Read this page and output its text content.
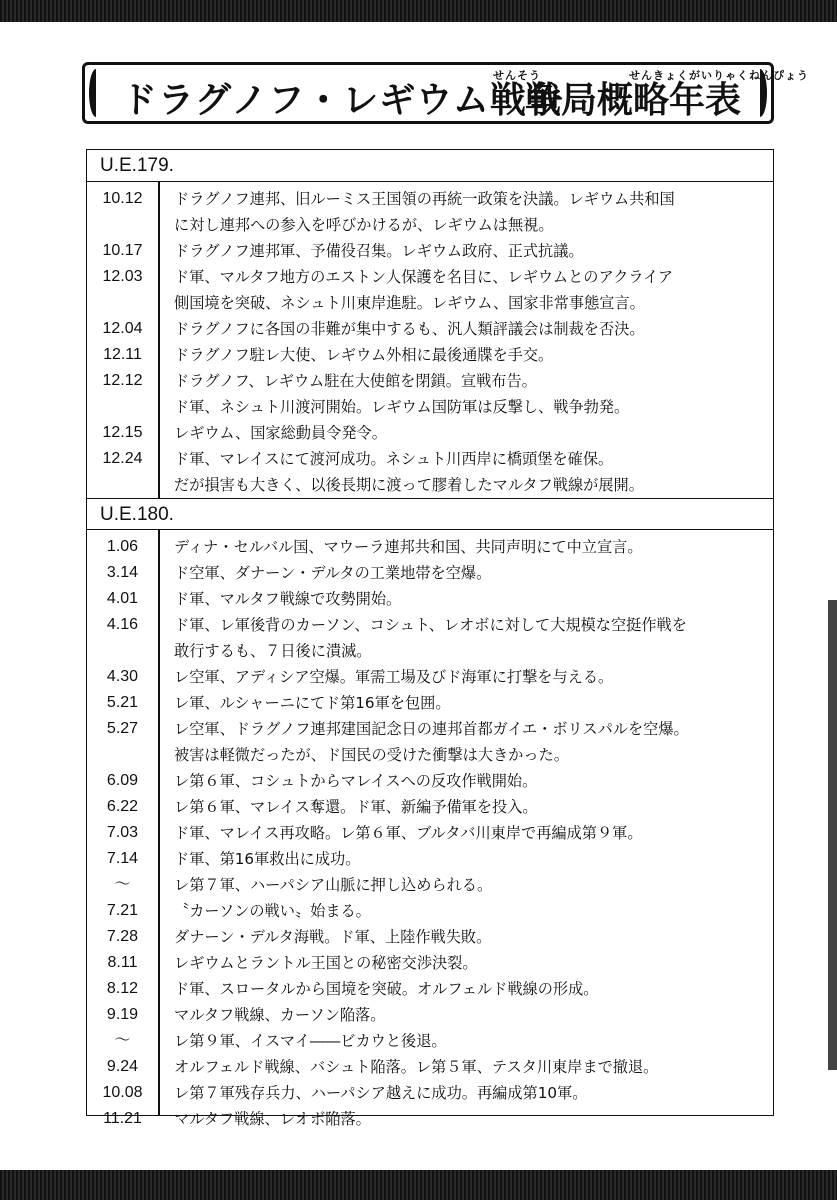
せんそう	せんきょくがいりゃくねんぴょう
ドラグノフ・レギウム戦争
戦局概略年表
U.E.179.
10.12	ドラグノフ連邦、旧ルーミス王国領の再統一政策を決議。レギウム共和国
に対し連邦への参入を呼びかけるが、レギウムは無視。
10.17	ドラグノフ連邦軍、予備役召集。レギウム政府、正式抗議。
12.03	ド軍、マルタフ地方のエストン人保護を名目に、レギウムとのアクライア
側国境を突破、ネシュト川東岸進駐。レギウム、国家非常事態宣言。
12.04	ドラグノフに各国の非難が集中するも、汎人類評議会は制裁を否決。
12.11	ドラグノフ駐レ大使、レギウム外相に最後通牒を手交。
12.12	ドラグノフ、レギウム駐在大使館を閉鎖。宣戦布告。
ド軍、ネシュト川渡河開始。レギウム国防軍は反撃し、戦争勃発。
12.15	レギウム、国家総動員令発令。
12.24	ド軍、マレイスにて渡河成功。ネシュト川西岸に橋頭堡を確保。
だが損害も大きく、以後長期に渡って膠着したマルタフ戦線が展開。
U.E.180.
1.06	ディナ・セルバル国、マウーラ連邦共和国、共同声明にて中立宣言。
3.14	ド空軍、ダナーン・デルタの工業地帯を空爆。
4.01	ド軍、マルタフ戦線で攻勢開始。
4.16	ド軍、レ軍後背のカーソン、コシュト、レオボに対して大規模な空挺作戦を
敢行するも、７日後に潰滅。
4.30	レ空軍、アディシア空爆。軍需工場及びド海軍に打撃を与える。
5.21	レ軍、ルシャーニにてド第16軍を包囲。
5.27	レ空軍、ドラグノフ連邦建国記念日の連邦首都ガイエ・ボリスパルを空爆。
被害は軽微だったが、ド国民の受けた衝撃は大きかった。
6.09	レ第６軍、コシュトからマレイスへの反攻作戦開始。
6.22	レ第６軍、マレイス奪還。ド軍、新編予備軍を投入。
7.03	ド軍、マレイス再攻略。レ第６軍、ブルタバ川東岸で再編成第９軍。
7.14	ド軍、第16軍救出に成功。
～	レ第７軍、ハーパシア山脈に押し込められる。
7.21	〝カーソンの戦い〟始まる。
7.28	ダナーン・デルタ海戦。ド軍、上陸作戦失敗。
8.11	レギウムとラントル王国との秘密交渉決裂。
8.12	ド軍、スロータルから国境を突破。オルフェルド戦線の形成。
9.19	マルタフ戦線、カーソン陥落。
～	レ第９軍、イスマイ――ビカウと後退。
9.24	オルフェルド戦線、バシュト陥落。レ第５軍、テスタ川東岸まで撤退。
10.08	レ第７軍残存兵力、ハーパシア越えに成功。再編成第10軍。
11.21	マルタフ戦線、レオボ陥落。
